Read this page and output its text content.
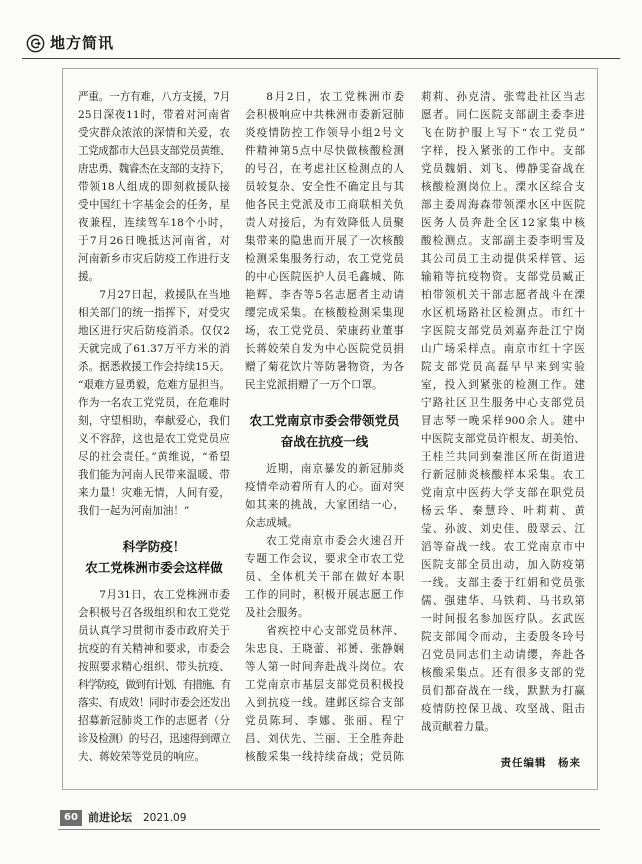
地方简讯
严重。一方有难，八方支援，7月
25日深夜11时，带着对河南省
受灾群众浓浓的深情和关爱，农
工党成都市大邑县支部党员黄维、
唐忠勇、魏睿杰在支部的支持下，
带领18人组成的即刻救援队接
受中国红十字基金会的任务，星
夜兼程，连续驾车18个小时，
于7月26日晚抵达河南省，对
河南新乡市灾后防疫工作进行支
援。
7月27日起，救援队在当地
相关部门的统一指挥下，对受灾
地区进行灾后防疫消杀。仅仅2
天就完成了61.37万平方米的消
杀。据悉救援工作会持续15天。
“艰难方显勇毅，危难方显担当。
作为一名农工党党员，在危难时
刻，守望相助，奉献爱心，我们
义不容辞，这也是农工党党员应
尽的社会责任。”黄维说，“希望
我们能为河南人民带来温暖、带
来力量！灾难无情，人间有爱，
我们一起为河南加油！”
科学防疫！
农工党株洲市委会这样做
7月31日，农工党株洲市委
会积极号召各级组织和农工党党
员认真学习贯彻市委市政府关于
抗疫的有关精神和要求，市委会
按照要求精心组织、带头抗疫、
科学防疫，做到有计划、有措施、有
落实、有成效！同时市委会还发出
招募新冠肺炎工作的志愿者（分
诊及检测）的号召，迅速得到谭立
夫、蒋姣荣等党员的响应。
8月2日，农工党株洲市委
会积极响应中共株洲市委新冠肺
炎疫情防控工作领导小组2号文
件精神第5点中尽快做核酸检测
的号召，在考虑社区检测点的人
员较复杂、安全性不确定且与其
他各民主党派及市工商联相关负
责人对接后，为有效降低人员聚
集带来的隐患而开展了一次核酸
检测采集服务行动，农工党党员
的中心医院医护人员毛鑫城、陈
艳辉、李杏等5名志愿者主动请
缨完成采集。在核酸检测采集现
场，农工党党员、荣康药业董事
长蒋姣荣自发为中心医院党员捐
赠了菊花饮片等防暑物资，为各
民主党派捐赠了一万个口罩。
农工党南京市委会带领党员
奋战在抗疫一线
近期，南京暴发的新冠肺炎
疫情牵动着所有人的心。面对突
如其来的挑战，大家团结一心，
众志成城。
农工党南京市委会火速召开
专题工作会议，要求全市农工党
员、全体机关干部在做好本职
工作的同时，积极开展志愿工作
及社会服务。
省疾控中心支部党员林萍、
朱忠良、王晓蕾、祁赟、张静娴
等人第一时间奔赴战斗岗位。农
工党南京市基层支部党员积极投
入到抗疫一线。建邺区综合支部
党员陈珂、李娜、张丽、程宁
昌、刘伏先、兰丽、王全胜奔赴
核酸采集一线持续奋战；党员陈
莉莉、孙克清、张莺赴社区当志
愿者。同仁医院支部副主委李进
飞在防护服上写下“农工党员”
字样，投入紧张的工作中。支部
党员魏娟、刘飞、傅静雯奋战在
核酸检测岗位上。溧水区综合支
部主委周海森带领溧水区中医院
医务人员奔赴全区12家集中核
酸检测点。支部副主委李明雪及
其公司员工主动提供采样管、运
输箱等抗疫物资。支部党员臧正
柏带领机关干部志愿者战斗在溧
水区机场路社区检测点。市红十
字医院支部党员刘嘉奔赴江宁岗
山广场采样点。南京市红十字医
院支部党员高磊早早来到实验
室，投入到紧张的检测工作。建
宁路社区卫生服务中心支部党员
冒志琴一晚采样900余人。建中
中医院支部党员许根友、胡美怡、
王桂兰共同到秦淮区所在街道进
行新冠肺炎核酸样本采集。农工
党南京中医药大学支部在职党员
杨云华、秦慧玲、叶莉莉、黄
莹、孙波、刘史佳、殷翠云、江
滔等奋战一线。农工党南京市中
医院支部全员出动，加入防疫第
一线。支部主委于红娟和党员张
儒、强建华、马铁莉、马书玖第
一时间报名参加医疗队。玄武医
院支部闻令而动，主委殷冬玲号
召党员同志们主动请缨，奔赴各
核酸采集点。还有很多支部的党
员们都奋战在一线，默默为打赢
疫情防控保卫战、攻坚战、阻击
战贡献着力量。
责任编辑　杨来
60 前进论坛 2021.09
